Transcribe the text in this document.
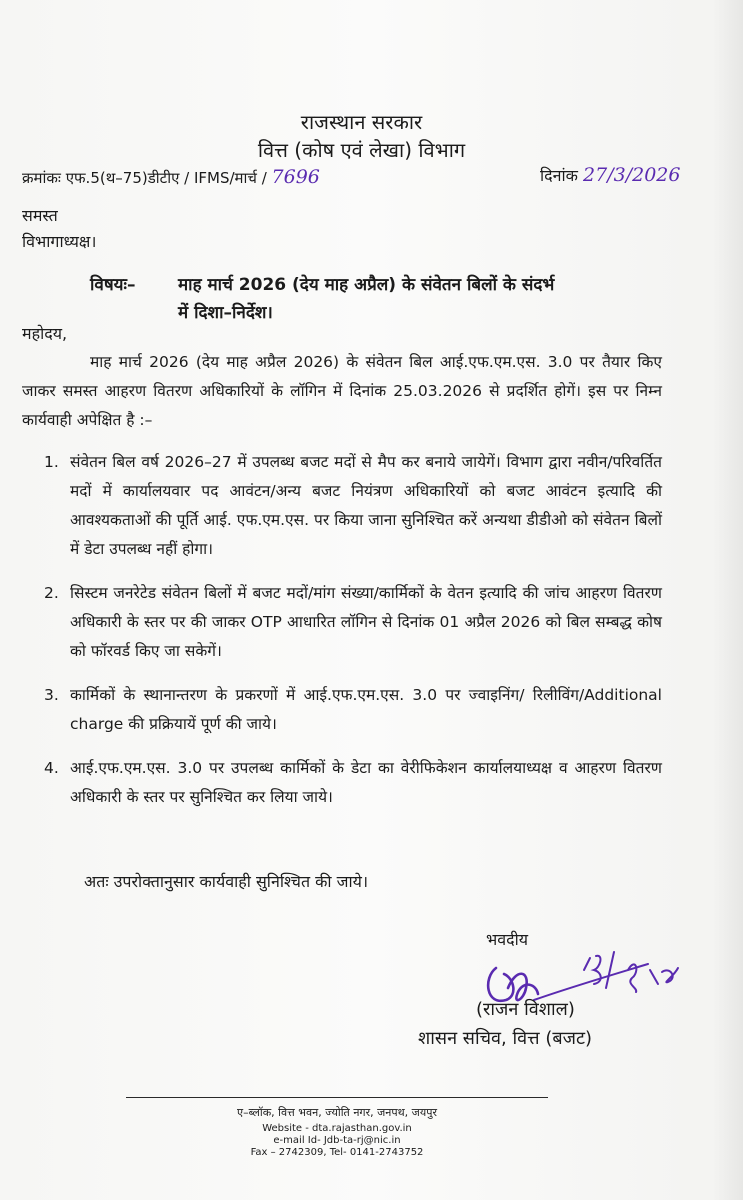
राजस्थान सरकार
वित्त (कोष एवं लेखा) विभाग
क्रमांकः एफ.5(थ–75)डीटीए / IFMS/मार्च / 7696	दिनांक 27/3/2026
समस्त
विभागाध्यक्ष।
विषयः–	माह मार्च 2026 (देय माह अप्रैल) के संवेतन बिलों के संदर्भ
में दिशा–निर्देश।
महोदय,
माह मार्च 2026 (देय माह अप्रैल 2026) के संवेतन बिल आई.एफ.एम.एस. 3.0 पर तैयार किए जाकर समस्त आहरण वितरण अधिकारियों के लॉगिन में दिनांक 25.03.2026 से प्रदर्शित होगें। इस पर निम्न कार्यवाही अपेक्षित है :–
1. संवेतन बिल वर्ष 2026–27 में उपलब्ध बजट मदों से मैप कर बनाये जायेगें। विभाग द्वारा नवीन/परिवर्तित मदों में कार्यालयवार पद आवंटन/अन्य बजट नियंत्रण अधिकारियों को बजट आवंटन इत्यादि की आवश्यकताओं की पूर्ति आई. एफ.एम.एस. पर किया जाना सुनिश्चित करें अन्यथा डीडीओ को संवेतन बिलों में डेटा उपलब्ध नहीं होगा।
2. सिस्टम जनरेटेड संवेतन बिलों में बजट मदों/मांग संख्या/कार्मिकों के वेतन इत्यादि की जांच आहरण वितरण अधिकारी के स्तर पर की जाकर OTP आधारित लॉगिन से दिनांक 01 अप्रैल 2026 को बिल सम्बद्ध कोष को फॉरवर्ड किए जा सकेगें।
3. कार्मिकों के स्थानान्तरण के प्रकरणों में आई.एफ.एम.एस. 3.0 पर ज्वाइनिंग/ रिलीविंग/Additional charge की प्रक्रियायें पूर्ण की जाये।
4. आई.एफ.एम.एस. 3.0 पर उपलब्ध कार्मिकों के डेटा का वेरीफिकेशन कार्यालयाध्यक्ष व आहरण वितरण अधिकारी के स्तर पर सुनिश्चित कर लिया जाये।
अतः उपरोक्तानुसार कार्यवाही सुनिश्चित की जाये।
भवदीय
(राजन विशाल)
शासन सचिव, वित्त (बजट)
ए–ब्लॉक, वित्त भवन, ज्योति नगर, जनपथ, जयपुर
Website - dta.rajasthan.gov.in
e-mail Id- Jdb-ta-rj@nic.in
Fax – 2742309, Tel- 0141-2743752
